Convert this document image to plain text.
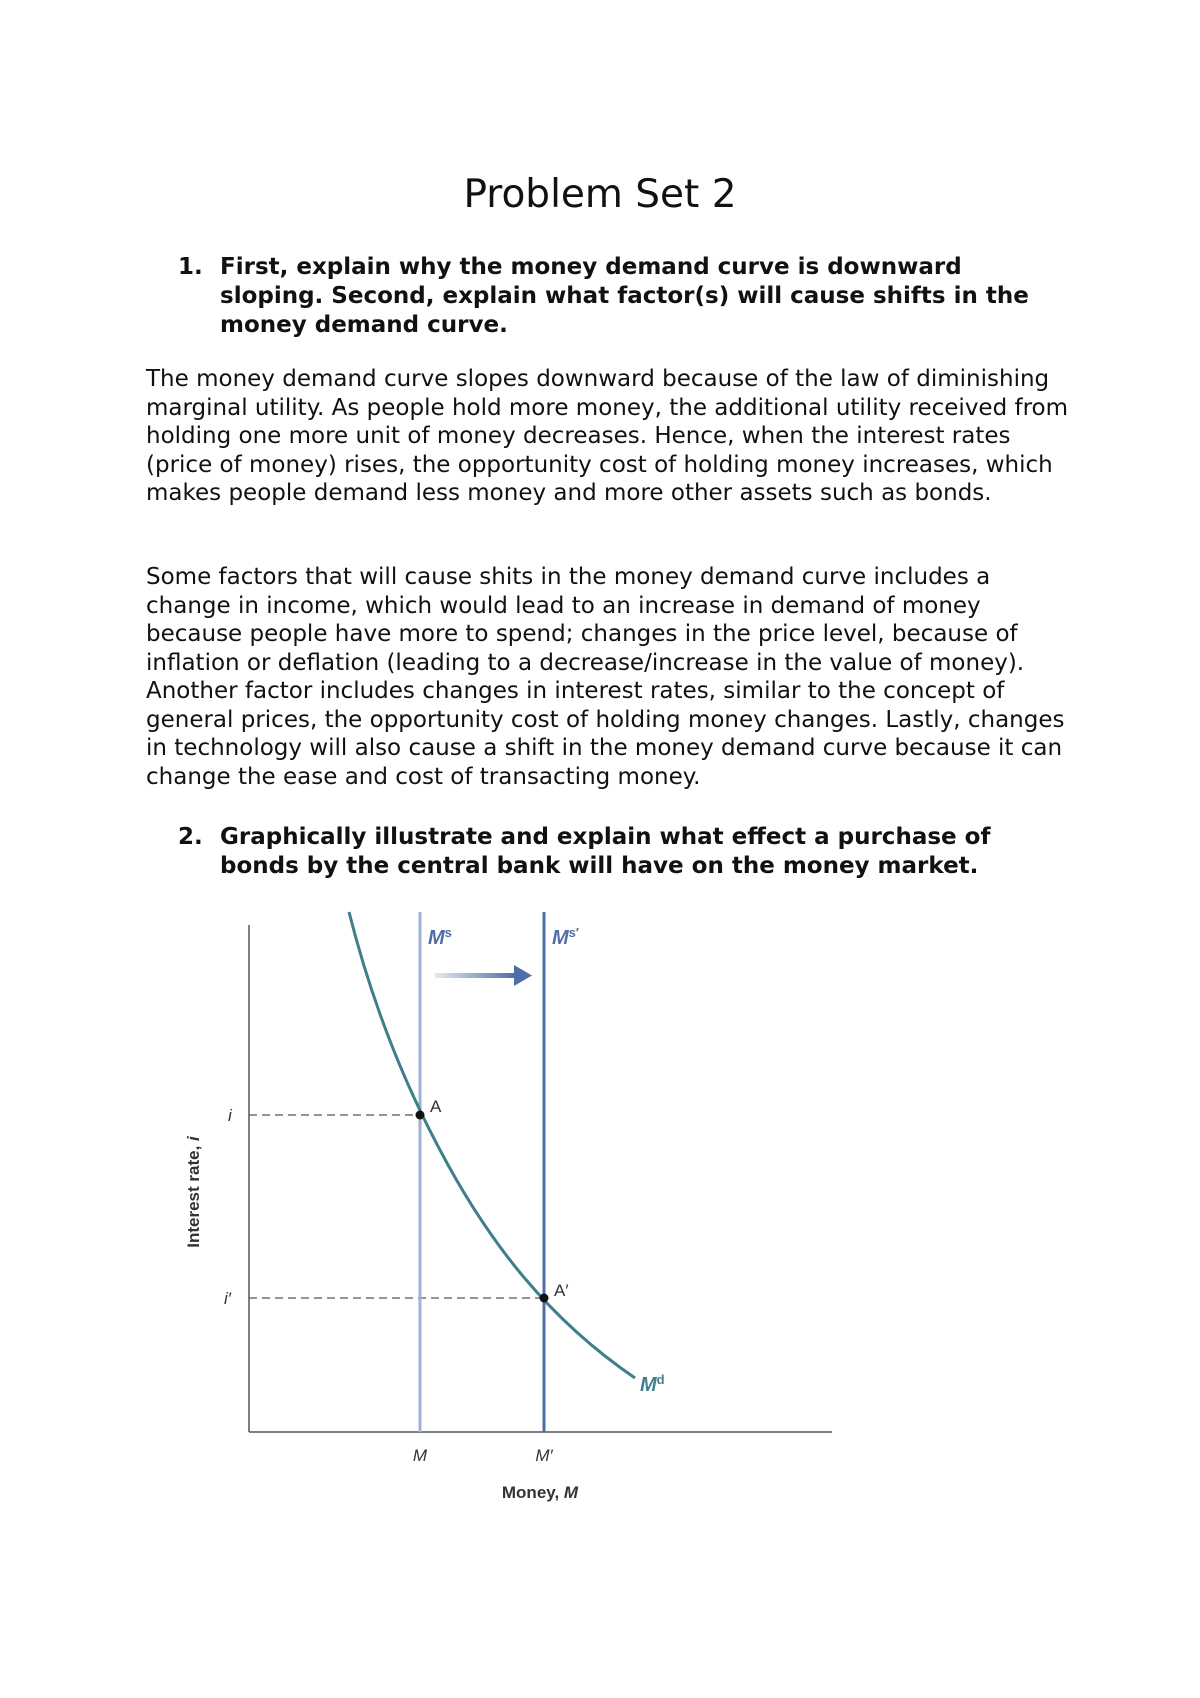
Problem Set 2
1. First, explain why the money demand curve is downward sloping. Second, explain what factor(s) will cause shifts in the money demand curve.

The money demand curve slopes downward because of the law of diminishing marginal utility. As people hold more money, the additional utility received from holding one more unit of money decreases. Hence, when the interest rates (price of money) rises, the opportunity cost of holding money increases, which makes people demand less money and more other assets such as bonds.

Some factors that will cause shits in the money demand curve includes a change in income, which would lead to an increase in demand of money because people have more to spend; changes in the price level, because of inflation or deflation (leading to a decrease/increase in the value of money). Another factor includes changes in interest rates, similar to the concept of general prices, the opportunity cost of holding money changes. Lastly, changes in technology will also cause a shift in the money demand curve because it can change the ease and cost of transacting money.

2. Graphically illustrate and explain what effect a purchase of bonds by the central bank will have on the money market.
A
A′
$M^s$	$M^{s'}$
$M^d$
i
i′
M	M′
Interest rate, i
Money, M
